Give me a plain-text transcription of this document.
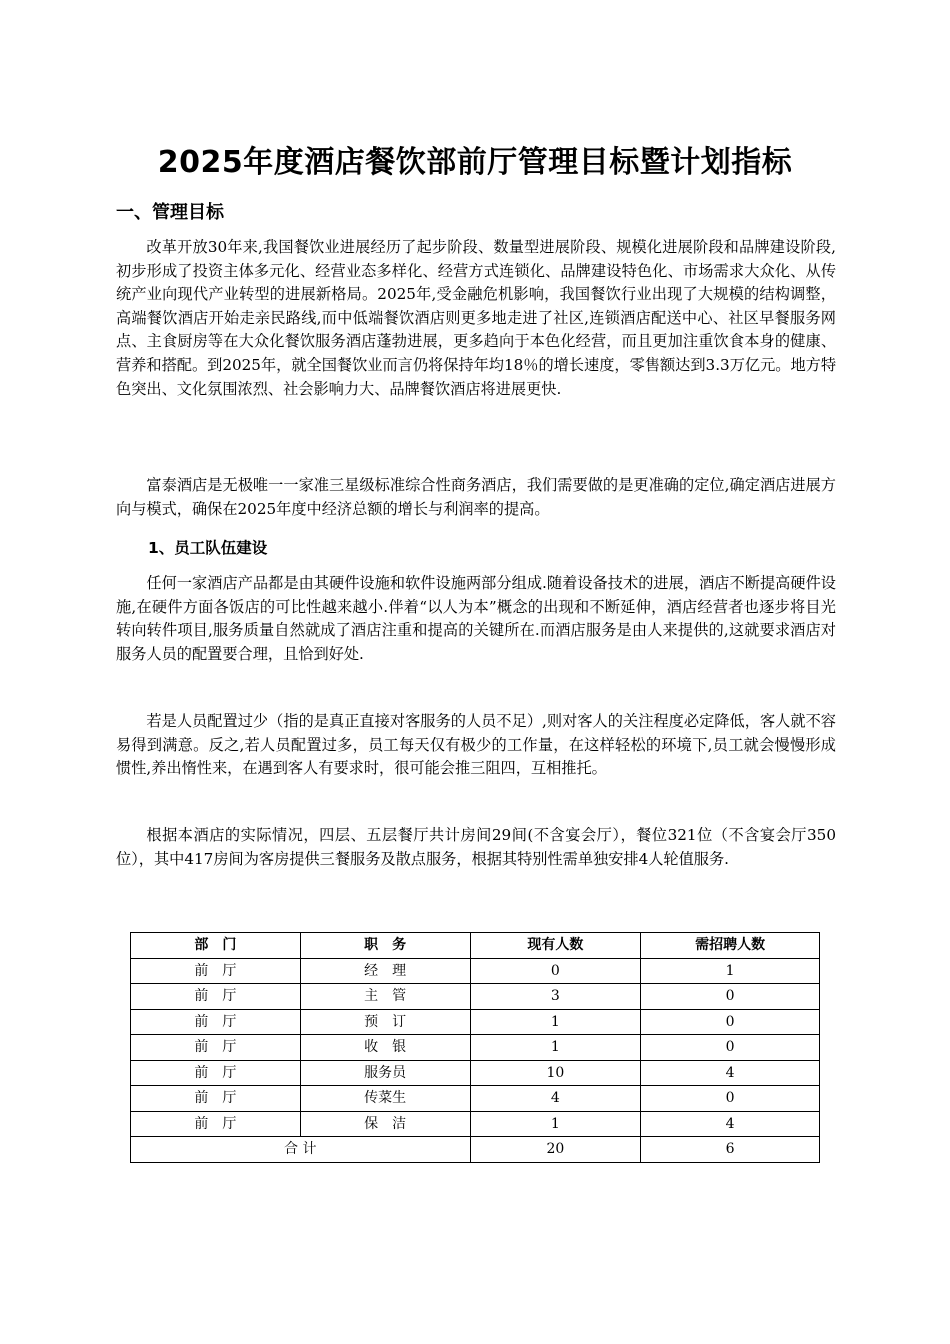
2025年度酒店餐饮部前厅管理目标暨计划指标
一、管理目标

改革开放30年来,我国餐饮业进展经历了起步阶段、数量型进展阶段、规模化进展阶段和品牌建设阶段,初步形成了投资主体多元化、经营业态多样化、经营方式连锁化、品牌建设特色化、市场需求大众化、从传统产业向现代产业转型的进展新格局。2025年,受金融危机影响，我国餐饮行业出现了大规模的结构调整，高端餐饮酒店开始走亲民路线,而中低端餐饮酒店则更多地走进了社区,连锁酒店配送中心、社区早餐服务网点、主食厨房等在大众化餐饮服务酒店蓬勃进展，更多趋向于本色化经营，而且更加注重饮食本身的健康、营养和搭配。到2025年，就全国餐饮业而言仍将保持年均18％的增长速度，零售额达到3.3万亿元。地方特色突出、文化氛围浓烈、社会影响力大、品牌餐饮酒店将进展更快.

富泰酒店是无极唯一一家准三星级标准综合性商务酒店，我们需要做的是更准确的定位,确定酒店进展方向与模式，确保在2025年度中经济总额的增长与利润率的提高。

1、员工队伍建设

任何一家酒店产品都是由其硬件设施和软件设施两部分组成.随着设备技术的进展，酒店不断提高硬件设施,在硬件方面各饭店的可比性越来越小.伴着“以人为本”概念的出现和不断延伸，酒店经营者也逐步将目光转向转件项目,服务质量自然就成了酒店注重和提高的关键所在.而酒店服务是由人来提供的,这就要求酒店对服务人员的配置要合理，且恰到好处.

若是人员配置过少（指的是真正直接对客服务的人员不足）,则对客人的关注程度必定降低，客人就不容易得到满意。反之,若人员配置过多，员工每天仅有极少的工作量，在这样轻松的环境下,员工就会慢慢形成惯性,养出惰性来，在遇到客人有要求时，很可能会推三阻四，互相推托。

根据本酒店的实际情况，四层、五层餐厅共计房间29间(不含宴会厅），餐位321位（不含宴会厅350位），其中417房间为客房提供三餐服务及散点服务，根据其特别性需单独安排4人轮值服务.

部　门	职　务	现有人数	需招聘人数
前　厅	经　理	0	1
前　厅	主　管	3	0
前　厅	预　订	1	0
前　厅	收　银	1	0
前　厅	服务员	10	4
前　厅	传菜生	4	0
前　厅	保　洁	1	4
合 计		20	6
